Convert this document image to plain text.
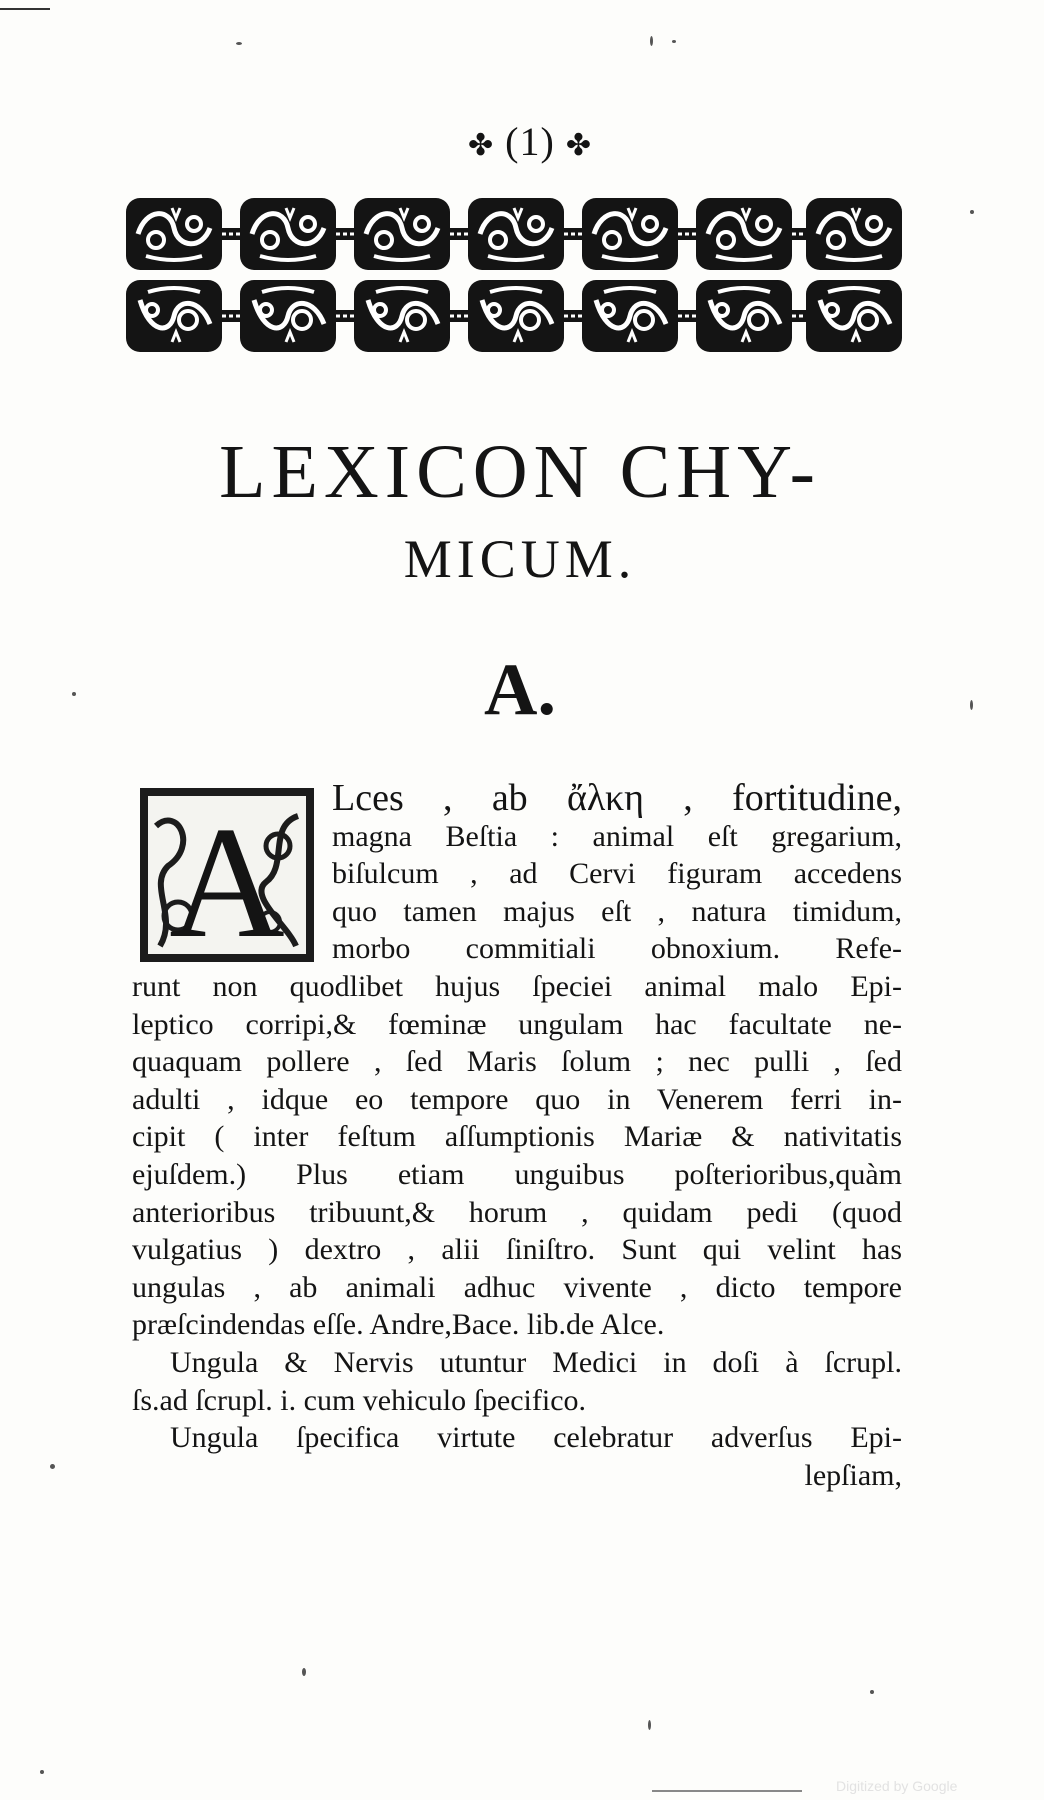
✤ (1) ✤
LEXICON CHY-
MICUM.
A.
A	Lces , ab ἄλκη , fortitudine,
magna Beſtia : animal eſt gregarium,
biſulcum , ad Cervi figuram accedens
quo tamen majus eſt , natura timidum,
morbo commitiali obnoxium. Refe-
runt non quodlibet hujus ſpeciei animal malo Epi-
leptico corripi,& fœminæ ungulam hac facultate ne-
quaquam pollere , ſed Maris ſolum ; nec pulli , ſed
adulti , idque eo tempore quo in Venerem ferri in-
cipit ( inter feſtum aſſumptionis Mariæ & nativitatis
ejuſdem.) Plus etiam unguibus poſterioribus,quàm
anterioribus tribuunt,& horum , quidam pedi (quod
vulgatius ) dextro , alii ſiniſtro. Sunt qui velint has
ungulas , ab animali adhuc vivente , dicto tempore
præſcindendas eſſe. Andre,Bace. lib.de Alce.
Ungula & Nervis utuntur Medici in doſi à ſcrupl.
ſs.ad ſcrupl. i. cum vehiculo ſpecifico.
Ungula ſpecifica virtute celebratur adverſus Epi-
lepſiam,
Digitized by Google
